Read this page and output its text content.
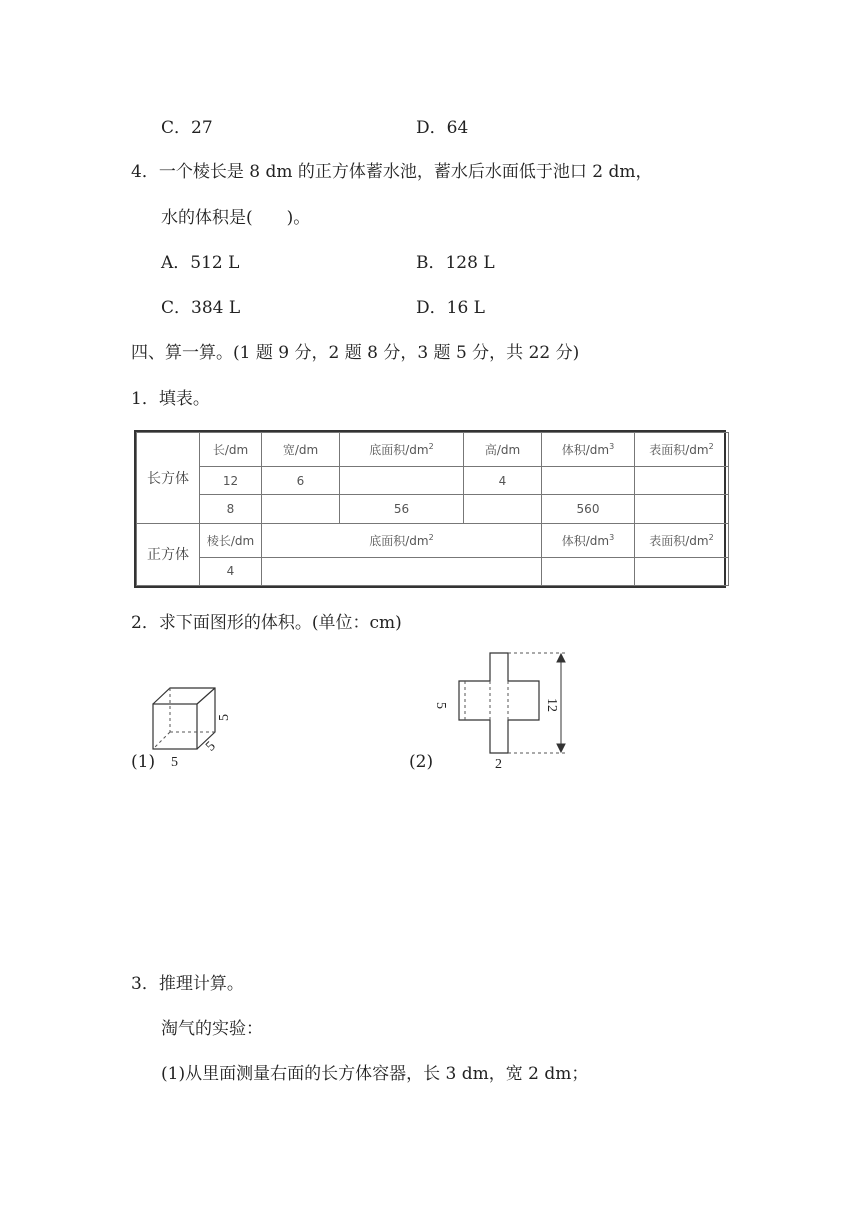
C．27	D．64
4．一个棱长是 8 dm 的正方体蓄水池，蓄水后水面低于池口 2 dm，
水的体积是(　　)。
A．512 L	B．128 L
C．384 L	D．16 L
四、算一算。(1 题 9 分，2 题 8 分，3 题 5 分，共 22 分)
1．填表。
长方体	长/dm	宽/dm	底面积$/dm^2$	高/dm	体积$/dm^3$	表面积$/dm^2$
	12	6		4		
	8		56		560	
正方体	棱长/dm	底面积$/dm^2$			体积$/dm^3$	表面积$/dm^2$
	4					
2．求下面图形的体积。(单位：cm)
(1) 5
5
5
(2)
5	12
2
3．推理计算。
淘气的实验：
(1)从里面测量右面的长方体容器，长 3 dm，宽 2 dm；
